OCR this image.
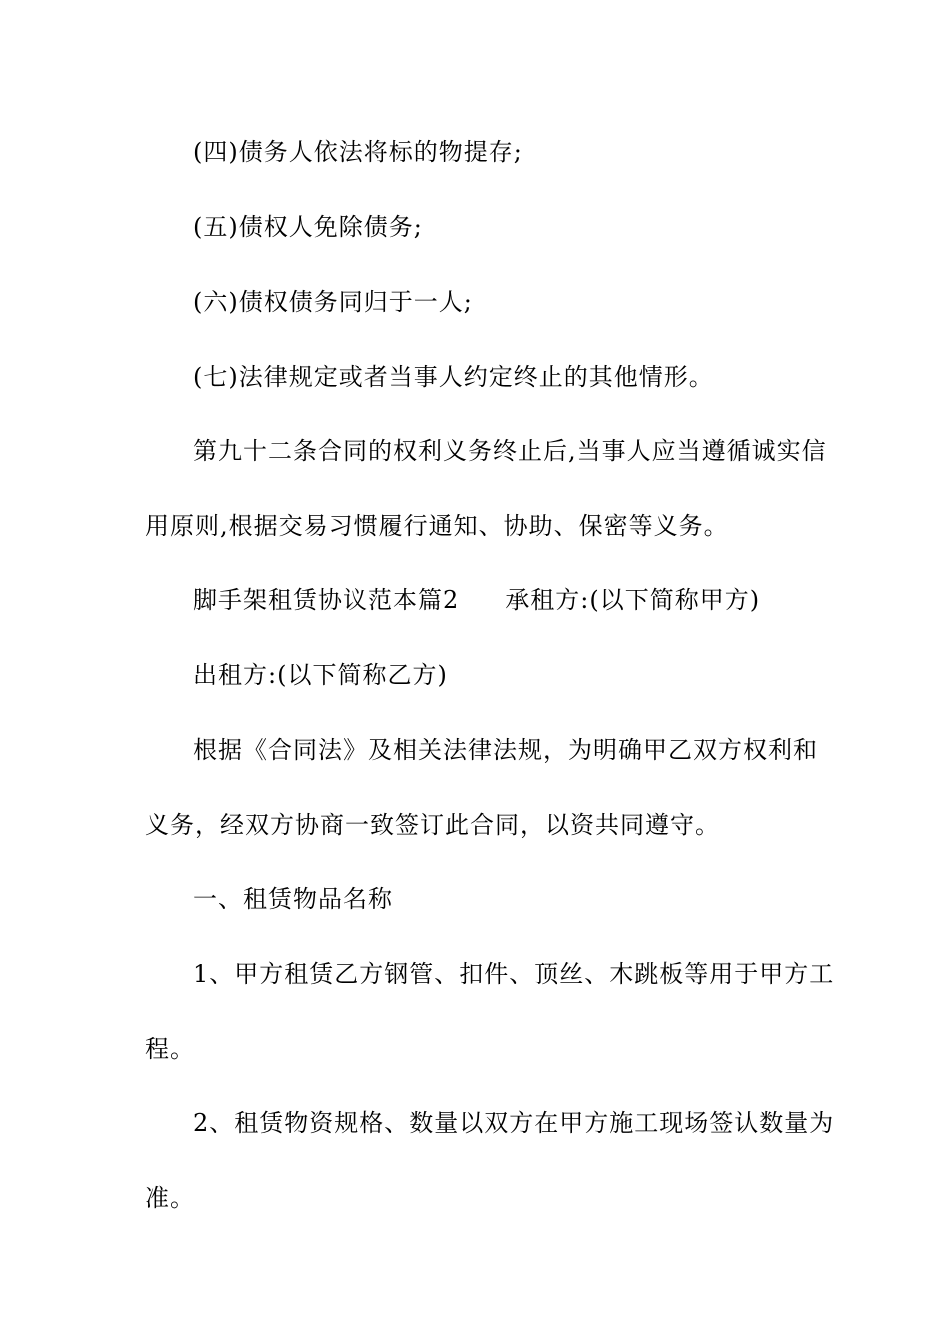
(四)债务人依法将标的物提存;
(五)债权人免除债务;
(六)债权债务同归于一人;
(七)法律规定或者当事人约定终止的其他情形。
第九十二条合同的权利义务终止后,当事人应当遵循诚实信
用原则,根据交易习惯履行通知、协助、保密等义务。
脚手架租赁协议范本篇2 承租方:(以下简称甲方)
出租方:(以下简称乙方)
根据《合同法》及相关法律法规，为明确甲乙双方权利和
义务，经双方协商一致签订此合同，以资共同遵守。
一、租赁物品名称
1、甲方租赁乙方钢管、扣件、顶丝、木跳板等用于甲方工
程。
2、租赁物资规格、数量以双方在甲方施工现场签认数量为
准。
